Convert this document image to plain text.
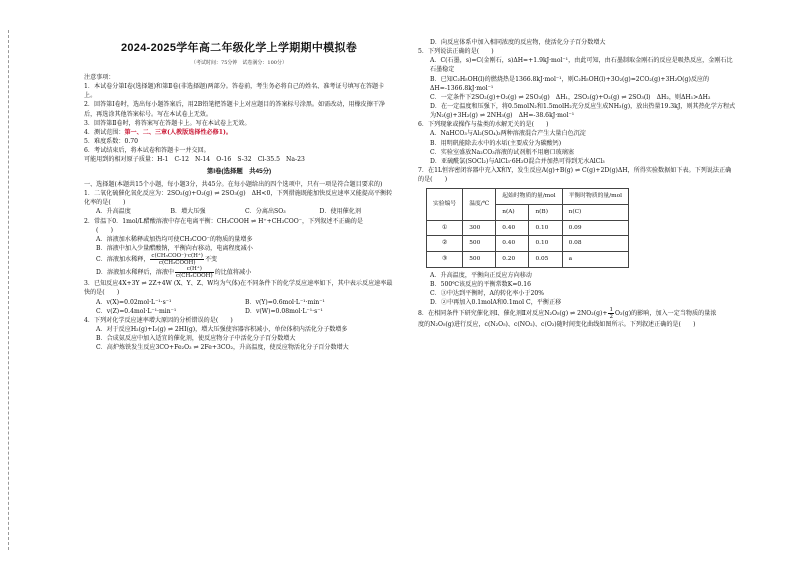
2024-2025学年高二年级化学上学期期中模拟卷

（考试时间：75分钟　试卷满分：100分）

注意事项：

1．本试卷分第Ⅰ卷(选择题)和第Ⅱ卷(非选择题)两部分。答卷前，考生务必将自己的姓名、准考证号填写在答题卡上。

2．回答第Ⅰ卷时，选出每小题答案后，用2B铅笔把答题卡上对应题目的答案标号涂黑。如需改动，用橡皮擦干净后，再选涂其他答案标号。写在本试卷上无效。

3．回答第Ⅱ卷时，将答案写在答题卡上。写在本试卷上无效。

4．测试范围：第一、二、三章(人教版选择性必修1)。

5．难度系数：0.70

6．考试结束后，将本试卷和答题卡一并交回。

可能用到的相对原子质量：H-1　C-12　N-14　O-16　S-32　Cl-35.5　Na-23

第Ⅰ卷(选择题　共45分)

一、选择题(本题共15个小题，每小题3分，共45分。在每小题给出的四个选项中，只有一项是符合题目要求的)

1．二氧化硫催化氧化反应为：2SO₂(g)+O₂(g) ⇌ 2SO₃(g)　ΔH<0，下列措施既能加快反应速率又能提高平衡转化率的是(　　)

A．升高温度	B．增大压强	C．分离出SO₃	D．使用催化剂

2．常温下0．1mol/L醋酸溶液中存在电离平衡：CH₃COOH ⇌ H⁺+CH₃COO⁻，下列叙述不正确的是

(　　)

A．溶液加水稀释或加热均可使CH₃COO⁻的物质的量增多

B．溶液中加入少量醋酸钠，平衡向右移动，电离程度减小

C．溶液加水稀释， $\frac{\text{c(CH₃COO⁻)·c(H⁺)}}{\text{c(CH₃COOH)}}$ 不变

D．溶液加水稀释后，溶液中 $\frac{c(H^+)}{\text{c(CH₃COOH)}}$ 的比值将减小

3．已知反应4X+3Y ⇌ 2Z+4W (X、Y、Z、W均为气体)在不同条件下的化学反应速率如下，其中表示反应速率最快的是(　　)

A．v(X)=0.02mol·L⁻¹·s⁻¹	B．v(Y)=0.6mol·L⁻¹·min⁻¹

C．v(Z)=0.4mol·L⁻¹·min⁻¹	D．v(W)=0.08mol·L⁻¹·s⁻¹

4．下列对化学反应速率增大原因的分析错误的是(　　)

A．对于反应H₂(g)+I₂(g) ⇌ 2HI(g)，增大压强使容器容积减小，单位体积内活化分子数增多

B．合成氨反应中加入适宜的催化剂，使反应物分子中活化分子百分数增大

C．高炉炼铁发生反应3CO+Fe₂O₃ ⇌ 2Fe+3CO₂，升高温度，使反应物活化分子百分数增大

D．向反应体系中加入相同浓度的反应物，使活化分子百分数增大

5．下列说法正确的是(　　)

A．C(石墨，s)=C(金刚石，s)ΔH=+1.9kJ·mol⁻¹，由此可知，由石墨制取金刚石的反应是吸热反应，金刚石比石墨稳定

B．已知C₂H₅OH(l)的燃烧热是1366.8kJ·mol⁻¹，则C₂H₅OH(l)+3O₂(g)=2CO₂(g)+3H₂O(g)反应的ΔH=-1366.8kJ·mol⁻¹

C．一定条件下2SO₂(g)+O₂(g) ⇌ 2SO₃(g)　ΔH₁，2SO₂(g)+O₂(g) ⇌ 2SO₃(l)　ΔH₂，则ΔH₁>ΔH₂

D．在一定温度和压强下，将0.5molN₂和1.5molH₂充分反应生成NH₃(g)，放出热量19.3kJ，则其热化学方程式为N₂(g)+3H₂(g) ⇌ 2NH₃(g)　ΔH=-38.6kJ·mol⁻¹

6．下列现象或操作与盐类的水解无关的是(　　)

A．NaHCO₃与Al₂(SO₄)₃两种溶液混合产生大量白色沉淀

B．用明矾能除去水中的水垢(主要成分为碳酸钙)

C．实验室盛放Na₂CO₃溶液的试剂瓶不用磨口玻璃塞

D．亚硫酰氯(SOCl₂)与AlCl₃·6H₂O混合并加热可得到无水AlCl₃

7．在1L恒容密闭容器中充入X和Y，发生反应A(g)+B(g) ⇌ C(g)+2D(g)ΔH，所得实验数据如下表。下列说法正确的是(　　)

实验编号	温度/℃	起始时物质的量/mol		平衡时物质的量/mol
		n(A)	n(B)	n(C)
①	300	0.40	0.10	0.09
②	500	0.40	0.10	0.08
③	500	0.20	0.05	a

A．升高温度，平衡向正反应方向移动

B．500℃该反应的平衡常数K=0.16

C．③中达到平衡时，A的转化率小于20%

D．②中再加入0.1molA和0.1mol C，平衡正移

8．在相同条件下研究催化剂Ⅰ、催化剂Ⅱ对反应N₂O₅(g) ⇌ $2NO_2(g)+ \frac{1}{2} O_2(g)$的影响，加入一定当物质的量浓

度的N₂O₅(g)进行反应，c(N₂O₅)、c(NO₂)、c(O₂)随时间变化曲线如图所示。下列叙述正确的是(　　)
